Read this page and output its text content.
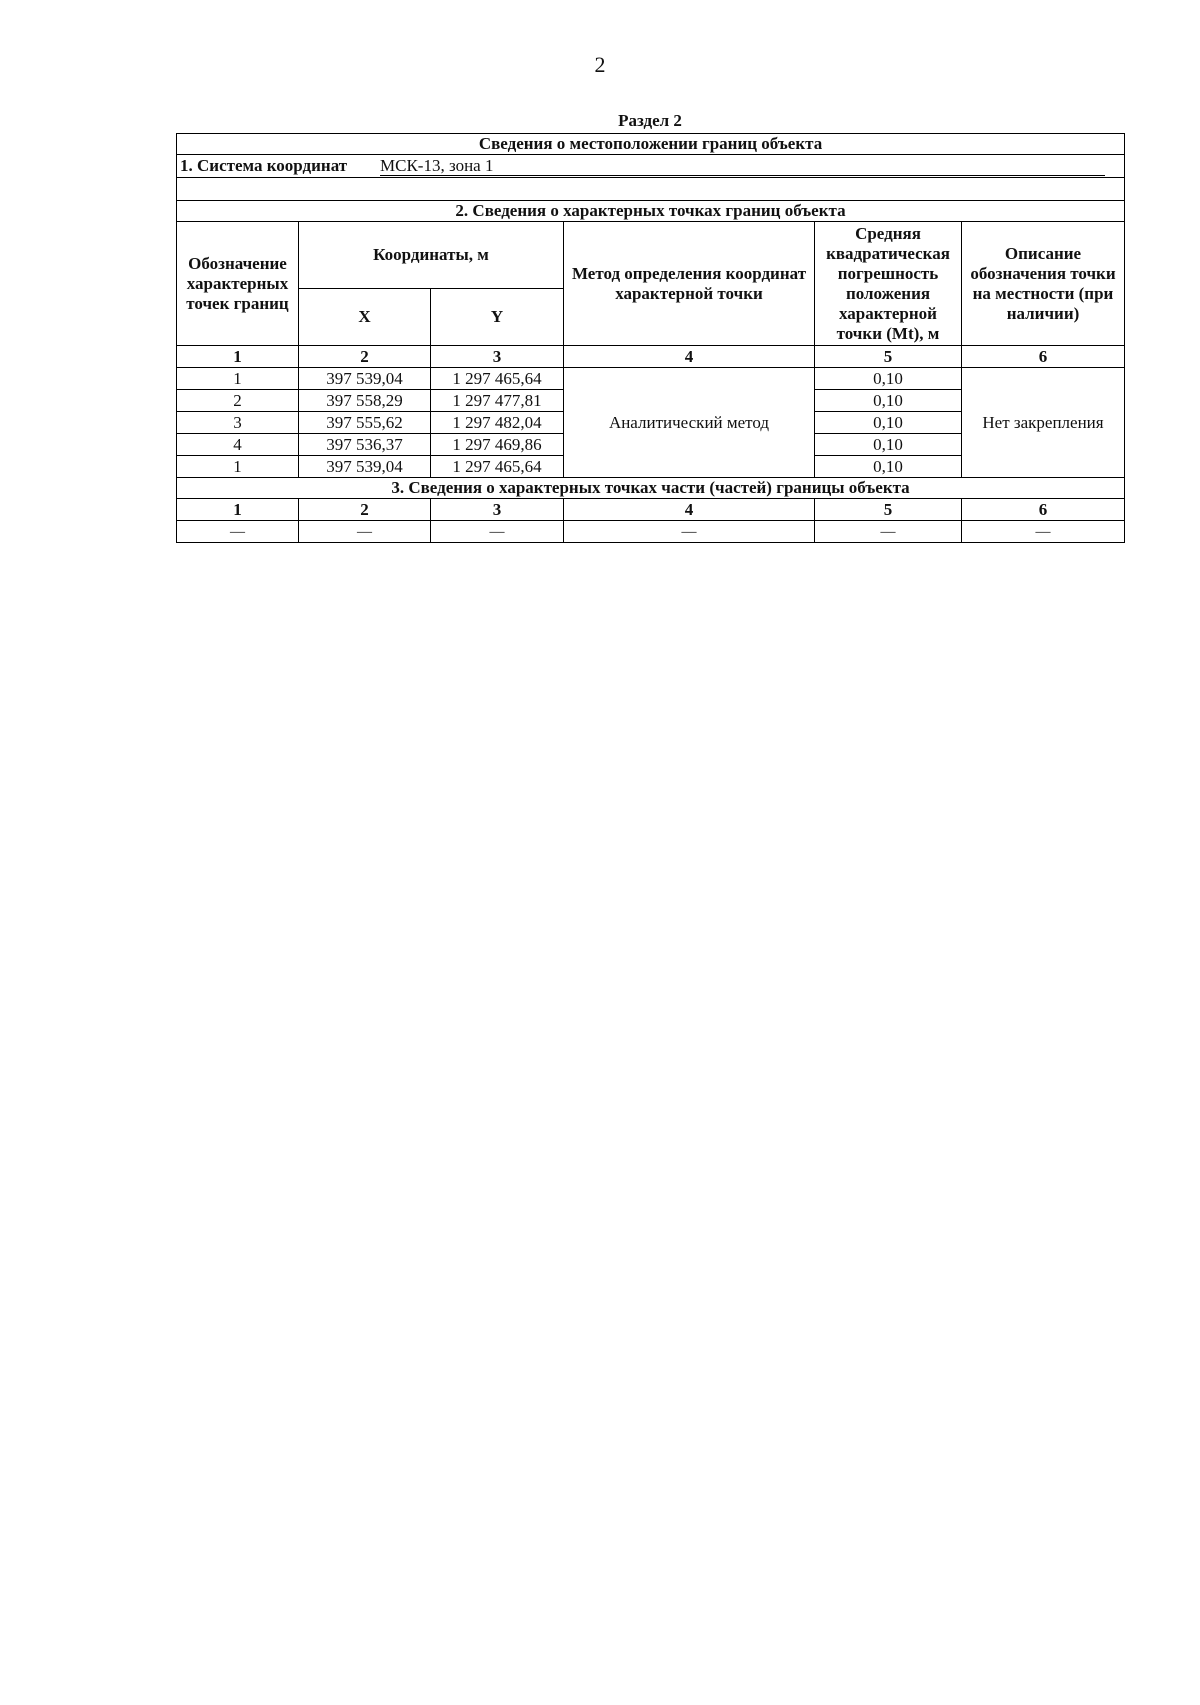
2
Раздел 2
Сведения о местоположении границ объекта					
1. Система координат МСК-13, зона 1					

2. Сведения о характерных точках границ объекта					
Обозначение характерных точек границ	Координаты, м		Метод определения координат характерной точки	Средняя квадратическая погрешность положения характерной точки (Mt), м	Описание обозначения точки на местности (при наличии)
	X	Y			
1	2	3	4	5	6
1	397 539,04	1 297 465,64	Аналитический метод	0,10	Нет закрепления
2	397 558,29	1 297 477,81		0,10	
3	397 555,62	1 297 482,04		0,10	
4	397 536,37	1 297 469,86		0,10	
1	397 539,04	1 297 465,64		0,10	
3. Сведения о характерных точках части (частей) границы объекта					
1	2	3	4	5	6
—	—	—	—	—	—
